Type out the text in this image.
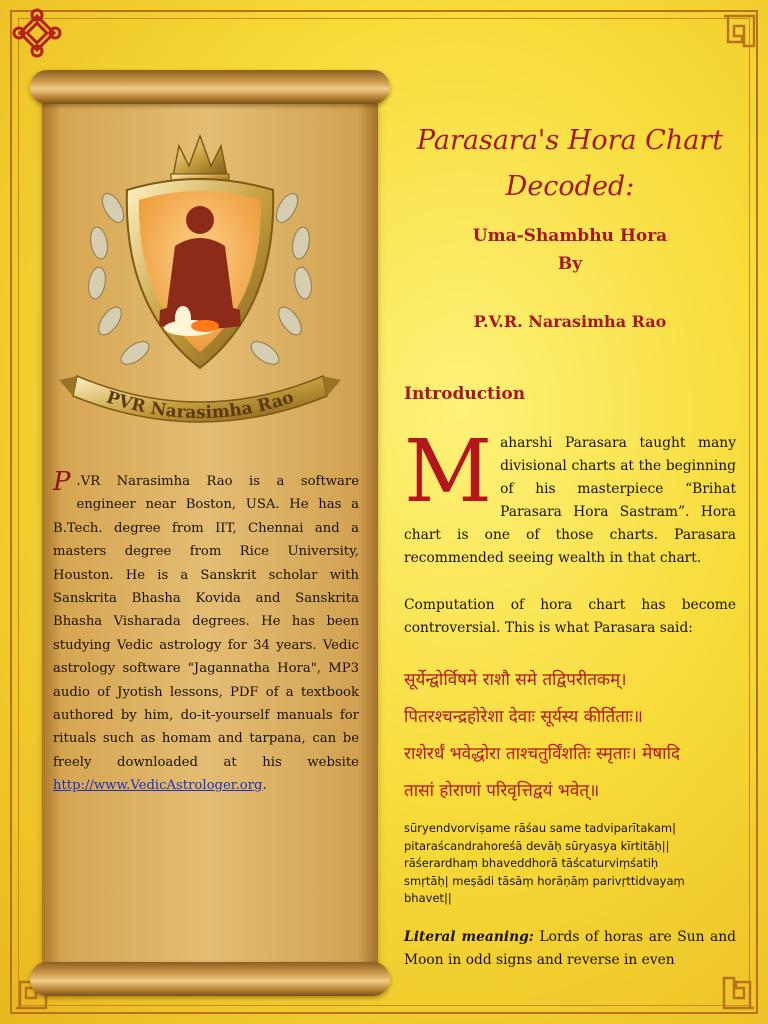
PVR Narasimha Rao
P .VR Narasimha Rao is a software engineer near Boston, USA. He has a B.Tech. degree from IIT, Chennai and a masters degree from Rice University, Houston. He is a Sanskrit scholar with Sanskrita Bhasha Kovida and Sanskrita Bhasha Visharada degrees. He has been studying Vedic astrology for 34 years. Vedic astrology software "Jagannatha Hora", MP3 audio of Jyotish lessons, PDF of a textbook authored by him, do-it-yourself manuals for rituals such as homam and tarpana, can be freely downloaded at his website http://www.VedicAstrologer.org.
Parasara's Hora Chart
Decoded:
Uma-Shambhu Hora
By
P.V.R. Narasimha Rao
Introduction
Maharshi Parasara taught many divisional charts at the beginning of his masterpiece “Brihat Parasara Hora Sastram”. Hora chart is one of those charts. Parasara recommended seeing wealth in that chart.
Computation of hora chart has become controversial. This is what Parasara said:
सूर्येन्द्वोर्विषमे राशौ समे तद्विपरीतकम्।
पितरश्चन्द्रहोरेशा देवाः सूर्यस्य कीर्तिताः॥
राशेरर्धं भवेद्धोरा ताश्चतुर्विंशतिः स्मृताः। मेषादि
तासां होराणां परिवृत्तिद्वयं भवेत्॥
sūryendvorviṣame rāśau same tadviparītakam|
pitaraścandrahoreśā devāḥ sūryasya kīrtitāḥ||
rāśerardhaṃ bhaveddhorā tāścaturviṃśatiḥ
smṛtāḥ| meṣādi tāsāṃ horāṇāṃ parivṛttidvayaṃ
bhavet||
Literal meaning: Lords of horas are Sun and Moon in odd signs and reverse in even
